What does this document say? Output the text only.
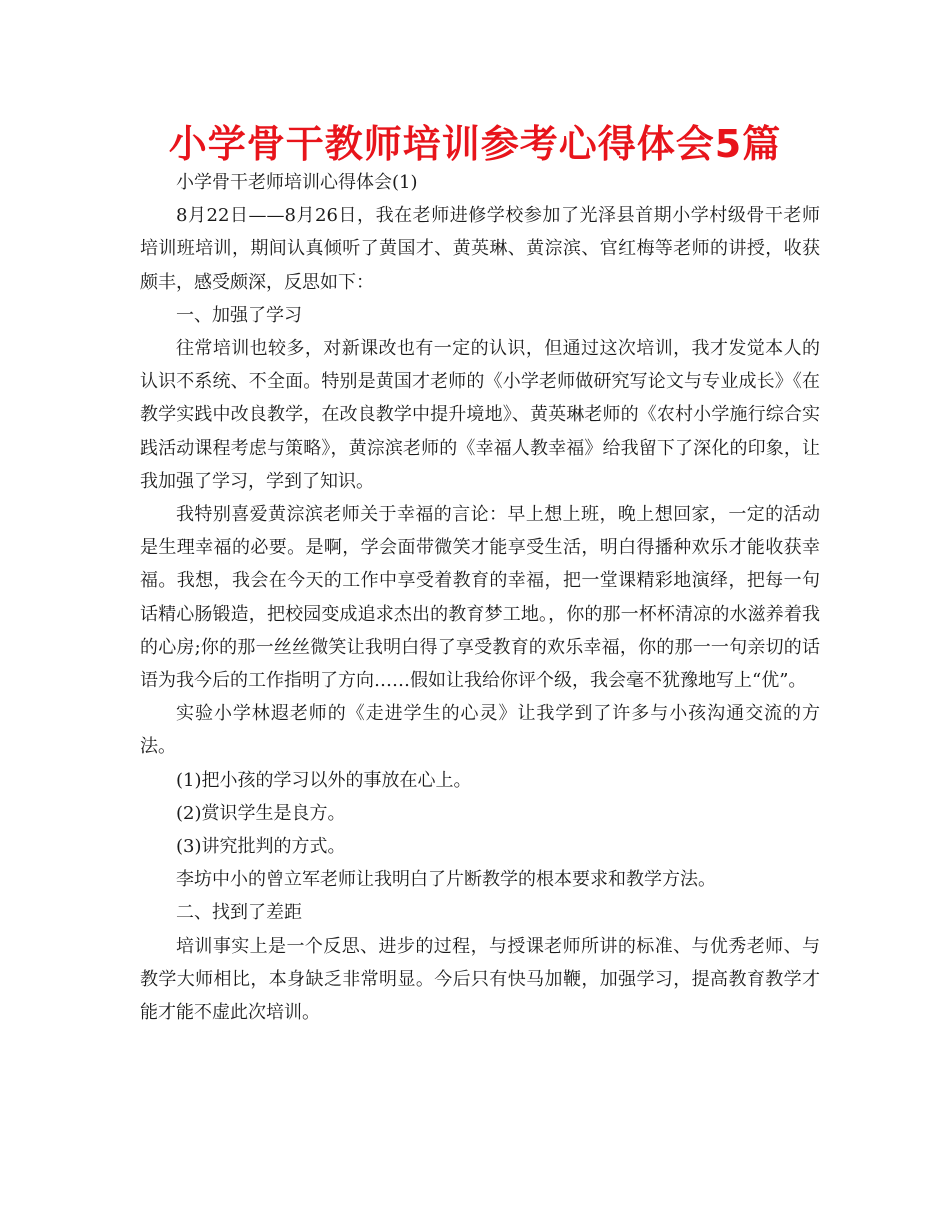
小学骨干教师培训参考心得体会5篇

小学骨干老师培训心得体会(1)

8月22日——8月26日，我在老师进修学校参加了光泽县首期小学村级骨干老师培训班培训，期间认真倾听了黄国才、黄英琳、黄淙滨、官红梅等老师的讲授，收获颇丰，感受颇深，反思如下：

一、加强了学习

往常培训也较多，对新课改也有一定的认识，但通过这次培训，我才发觉本人的认识不系统、不全面。特别是黄国才老师的《小学老师做研究写论文与专业成长》《在教学实践中改良教学，在改良教学中提升境地》、黄英琳老师的《农村小学施行综合实践活动课程考虑与策略》，黄淙滨老师的《幸福人教幸福》给我留下了深化的印象，让我加强了学习，学到了知识。

我特别喜爱黄淙滨老师关于幸福的言论：早上想上班，晚上想回家，一定的活动是生理幸福的必要。是啊，学会面带微笑才能享受生活，明白得播种欢乐才能收获幸福。我想，我会在今天的工作中享受着教育的幸福，把一堂课精彩地演绎，把每一句话精心肠锻造，把校园变成追求杰出的教育梦工地。，你的那一杯杯清凉的水滋养着我的心房;你的那一丝丝微笑让我明白得了享受教育的欢乐幸福，你的那一一句亲切的话语为我今后的工作指明了方向……假如让我给你评个级，我会毫不犹豫地写上“优”。

实验小学林遐老师的《走进学生的心灵》让我学到了许多与小孩沟通交流的方法。

(1)把小孩的学习以外的事放在心上。

(2)赏识学生是良方。

(3)讲究批判的方式。

李坊中小的曾立军老师让我明白了片断教学的根本要求和教学方法。

二、找到了差距

培训事实上是一个反思、进步的过程，与授课老师所讲的标准、与优秀老师、与教学大师相比，本身缺乏非常明显。今后只有快马加鞭，加强学习，提高教育教学才能才能不虚此次培训。
